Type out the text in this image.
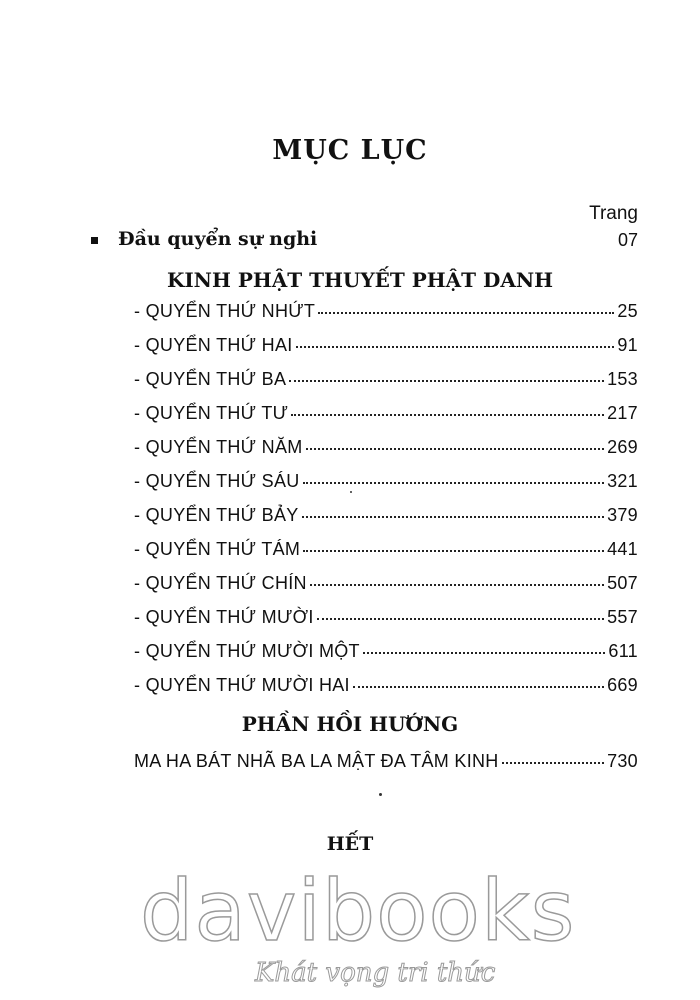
MỤC LỤC
Trang
Đầu quyển sự nghi	07
KINH PHẬT THUYẾT PHẬT DANH
- QUYỂN THỨ NHỨT	25
- QUYỂN THỨ HAI	91
- QUYỂN THỨ BA	153
- QUYỂN THỨ TƯ	217
- QUYỂN THỨ NĂM	269
- QUYỂN THỨ SÁU	321
- QUYỂN THỨ BẢY	379
- QUYỂN THỨ TÁM	441
- QUYỂN THỨ CHÍN	507
- QUYỂN THỨ MƯỜI	557
- QUYỂN THỨ MƯỜI MỘT	611
- QUYỂN THỨ MƯỜI HAI	669
PHẦN HỒI HƯỚNG
MA HA BÁT NHÃ BA LA MẬT ĐA TÂM KINH	730
HẾT
davibooks
Khát vọng tri thức
